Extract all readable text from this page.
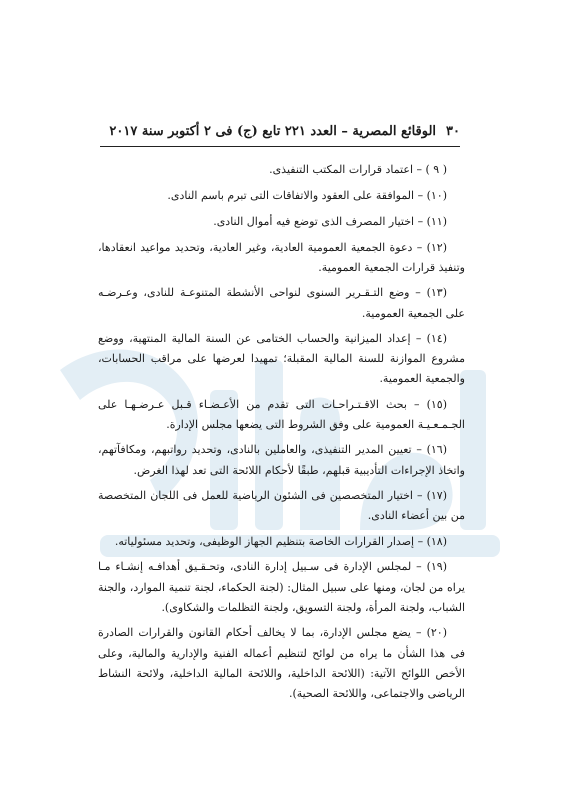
٣٠
الوقائع المصرية – العدد ٢٢١ تابع (ج) فى ٢ أكتوبر سنة ٢٠١٧

( ٩ ) – اعتماد قرارات المكتب التنفيذى.

(١٠) – الموافقة على العقود والاتفاقات التى تبرم باسم النادى.

(١١) – اختيار المصرف الذى توضع فيه أموال النادى.

(١٢) – دعوة الجمعية العمومية العادية، وغير العادية، وتحديد مواعيد انعقادها، وتنفيذ قرارات الجمعية العمومية.

(١٣) – وضع التـقـرير السنوى لنواحى الأنشطة المتنوعـة للنادى، وعـرضـه على الجمعية العمومية.

(١٤) – إعداد الميزانية والحساب الختامى عن السنة المالية المنتهية، ووضع مشروع الموازنة للسنة المالية المقبلة؛ تمهيدا لعرضها على مراقب الحسابات، والجمعية العمومية.

(١٥) – بحث الاقـتـراحـات التى تقدم من الأعـضـاء قـبل عـرضـهـا على الجـمـعـيـة العمومية على وفق الشروط التى يضعها مجلس الإدارة.

(١٦) – تعيين المدير التنفيذى، والعاملين بالنادى، وتحديد رواتبهم، ومكافآتهم، واتخاذ الإجراءات التأديبية قبلهم، طبقًا لأحكام اللائحة التى تعد لهذا الغرض.

(١٧) – اختيار المتخصصين فى الشئون الرياضية للعمل فى اللجان المتخصصة من بين أعضاء النادى.

(١٨) – إصدار القرارات الخاصة بتنظيم الجهاز الوظيفى، وتحديد مسئولياته.

(١٩) – لمجلس الإدارة فى سـبيل إدارة النادى، وتحـقـيق أهدافـه إنشـاء مـا يراه من لجان، ومنها على سبيل المثال: (لجنة الحكماء، لجنة تنمية الموارد، والجنة الشباب، ولجنة المرأة، ولجنة التسويق، ولجنة التظلمات والشكاوى).

(٢٠) – يضع مجلس الإدارة، بما لا يخالف أحكام القانون والقرارات الصادرة فى هذا الشأن ما يراه من لوائح لتنظيم أعماله الفنية والإدارية والمالية، وعلى الأخص اللوائح الآتية: (اللائحة الداخلية، واللائحة المالية الداخلية، ولائحة النشاط الرياضى والاجتماعى، واللائحة الصحية).
